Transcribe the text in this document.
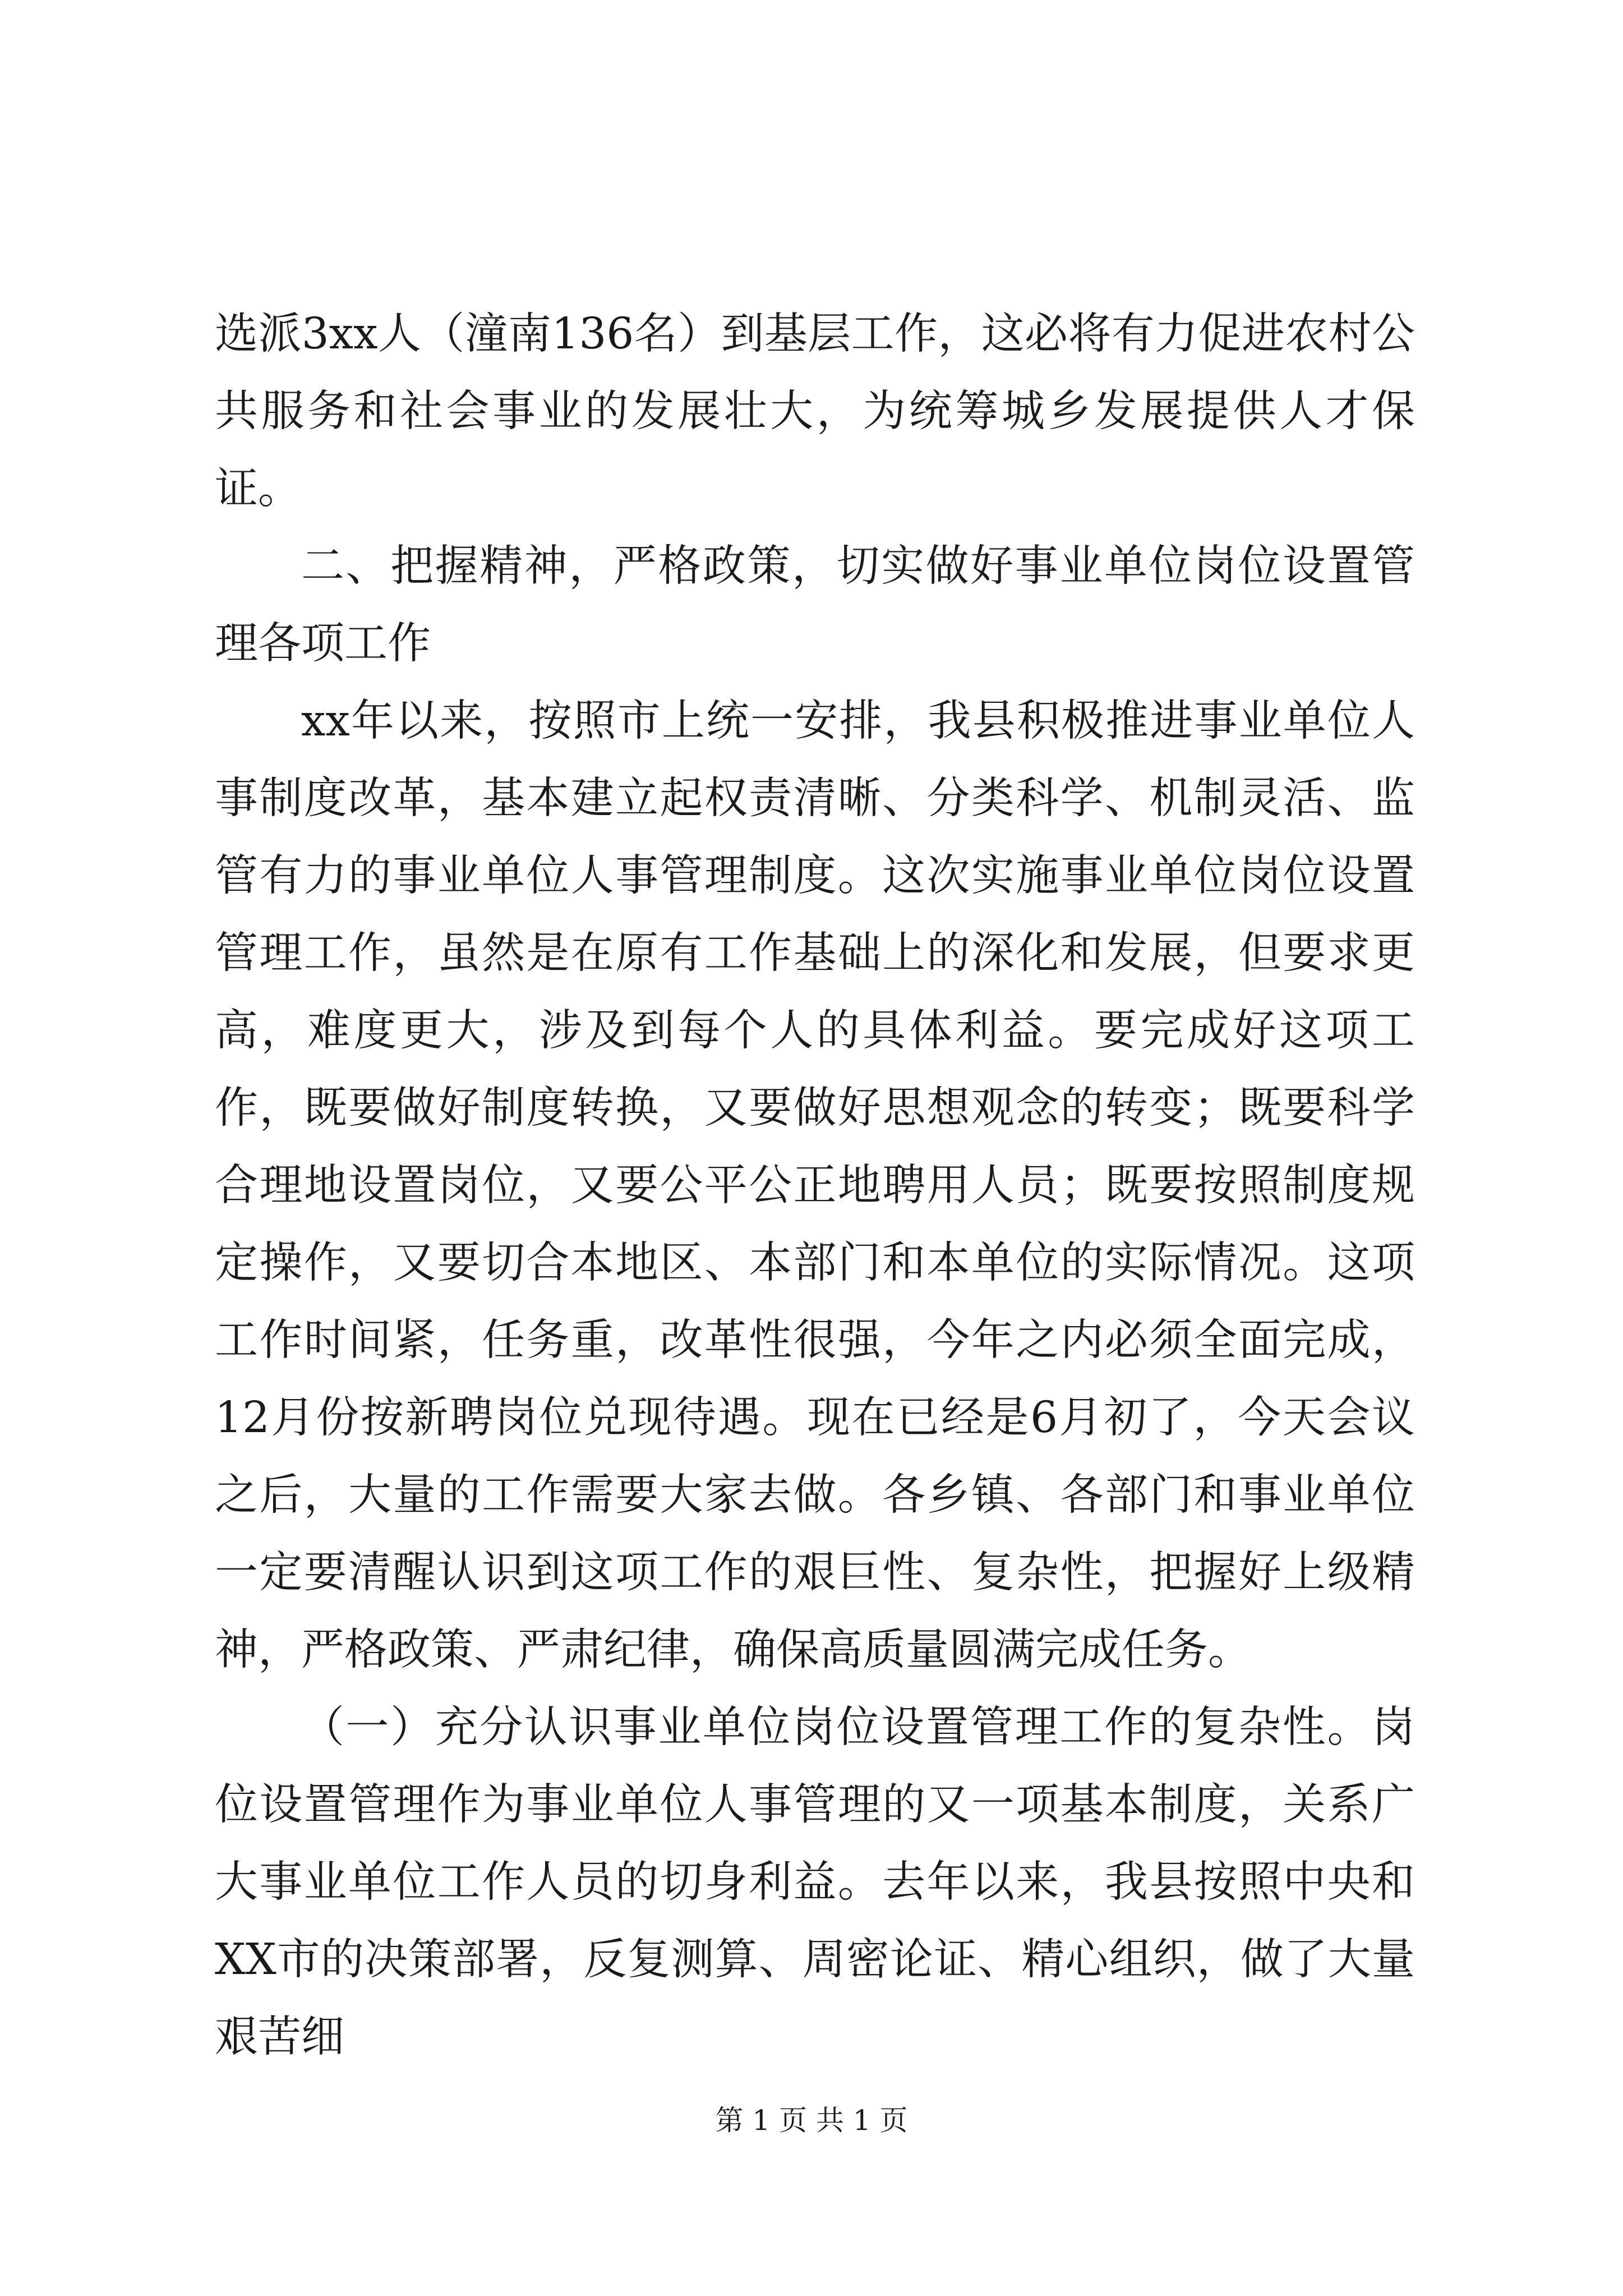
选派3xx人（潼南136名）到基层工作，这必将有力促进农村公共服务和社会事业的发展壮大，为统筹城乡发展提供人才保证。

二、把握精神，严格政策，切实做好事业单位岗位设置管理各项工作

xx年以来，按照市上统一安排，我县积极推进事业单位人事制度改革，基本建立起权责清晰、分类科学、机制灵活、监管有力的事业单位人事管理制度。这次实施事业单位岗位设置管理工作，虽然是在原有工作基础上的深化和发展，但要求更高，难度更大，涉及到每个人的具体利益。要完成好这项工作，既要做好制度转换，又要做好思想观念的转变；既要科学合理地设置岗位，又要公平公正地聘用人员；既要按照制度规定操作，又要切合本地区、本部门和本单位的实际情况。这项工作时间紧，任务重，改革性很强，今年之内必须全面完成，12月份按新聘岗位兑现待遇。现在已经是6月初了，今天会议之后，大量的工作需要大家去做。各乡镇、各部门和事业单位一定要清醒认识到这项工作的艰巨性、复杂性，把握好上级精神，严格政策、严肃纪律，确保高质量圆满完成任务。

（一）充分认识事业单位岗位设置管理工作的复杂性。岗位设置管理作为事业单位人事管理的又一项基本制度，关系广大事业单位工作人员的切身利益。去年以来，我县按照中央和XX市的决策部署，反复测算、周密论证、精心组织，做了大量艰苦细

第 1 页 共 1 页
